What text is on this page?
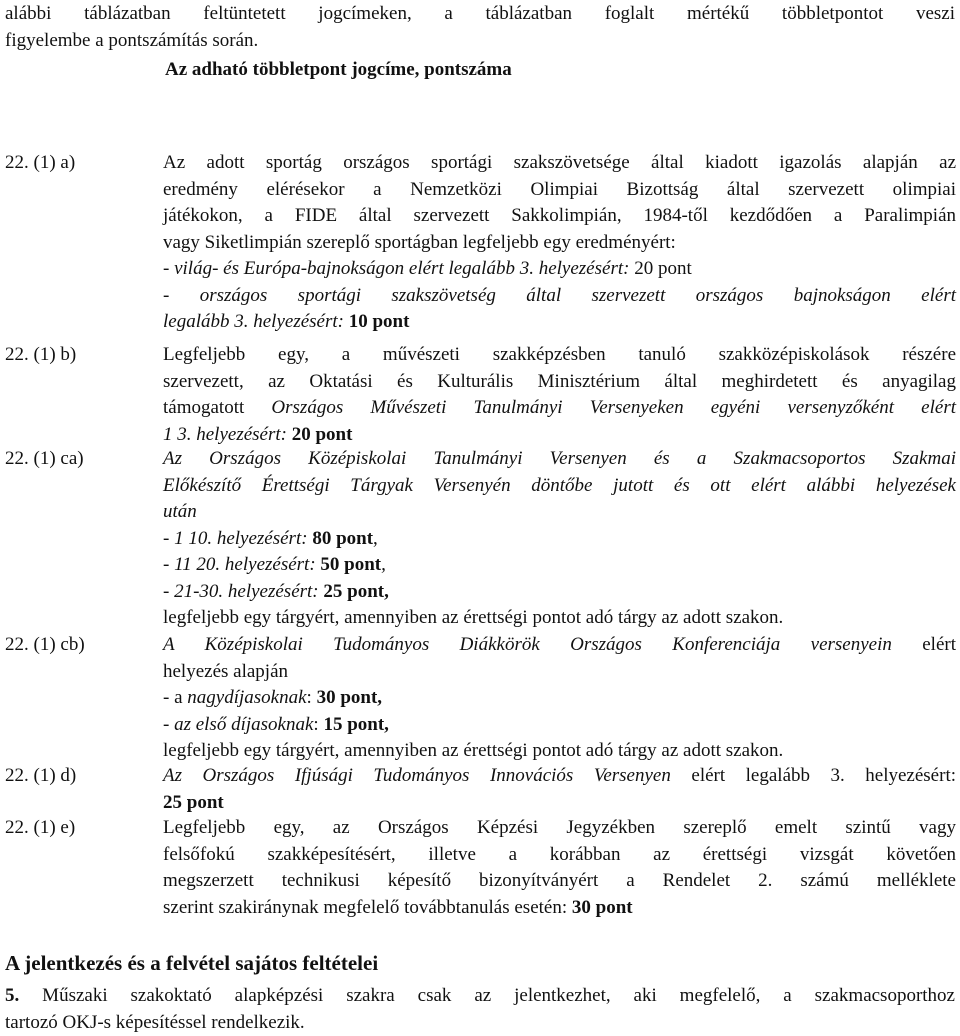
alábbi táblázatban feltüntetett jogcímeken, a táblázatban foglalt mértékű többletpontot veszi
figyelembe a pontszámítás során.
Az adható többletpont jogcíme, pontszáma
22. (1) a)	Az adott sportág országos sportági szakszövetsége által kiadott igazolás alapján az
eredmény elérésekor a Nemzetközi Olimpiai Bizottság által szervezett olimpiai
játékokon, a FIDE által szervezett Sakkolimpián, 1984-től kezdődően a Paralimpián
vagy Siketlimpián szereplő sportágban legfeljebb egy eredményért:
- világ- és Európa-bajnokságon elért legalább 3. helyezésért: 20 pont
- országos sportági szakszövetség által szervezett országos bajnokságon elért
legalább 3. helyezésért: 10 pont
22. (1) b)	Legfeljebb egy, a művészeti szakképzésben tanuló szakközépiskolások részére
szervezett, az Oktatási és Kulturális Minisztérium által meghirdetett és anyagilag
támogatott Országos Művészeti Tanulmányi Versenyeken egyéni versenyzőként elért
1 3. helyezésért: 20 pont
22. (1) ca)	Az Országos Középiskolai Tanulmányi Versenyen és a Szakmacsoportos Szakmai
Előkészítő Érettségi Tárgyak Versenyén döntőbe jutott és ott elért alábbi helyezések
után
- 1 10. helyezésért: 80 pont,
- 11 20. helyezésért: 50 pont,
- 21-30. helyezésért: 25 pont,
legfeljebb egy tárgyért, amennyiben az érettségi pontot adó tárgy az adott szakon.
22. (1) cb)	A Középiskolai Tudományos Diákkörök Országos Konferenciája versenyein elért
helyezés alapján
- a nagydíjasoknak: 30 pont,
- az első díjasoknak: 15 pont,
legfeljebb egy tárgyért, amennyiben az érettségi pontot adó tárgy az adott szakon.
22. (1) d)	Az Országos Ifjúsági Tudományos Innovációs Versenyen elért legalább 3. helyezésért:
25 pont
22. (1) e)	Legfeljebb egy, az Országos Képzési Jegyzékben szereplő emelt szintű vagy
felsőfokú szakképesítésért, illetve a korábban az érettségi vizsgát követően
megszerzett technikusi képesítő bizonyítványért a Rendelet 2. számú melléklete
szerint szakiránynak megfelelő továbbtanulás esetén: 30 pont
A jelentkezés és a felvétel sajátos feltételei
5. Műszaki szakoktató alapképzési szakra csak az jelentkezhet, aki megfelelő, a szakmacsoporthoz
tartozó OKJ-s képesítéssel rendelkezik.
